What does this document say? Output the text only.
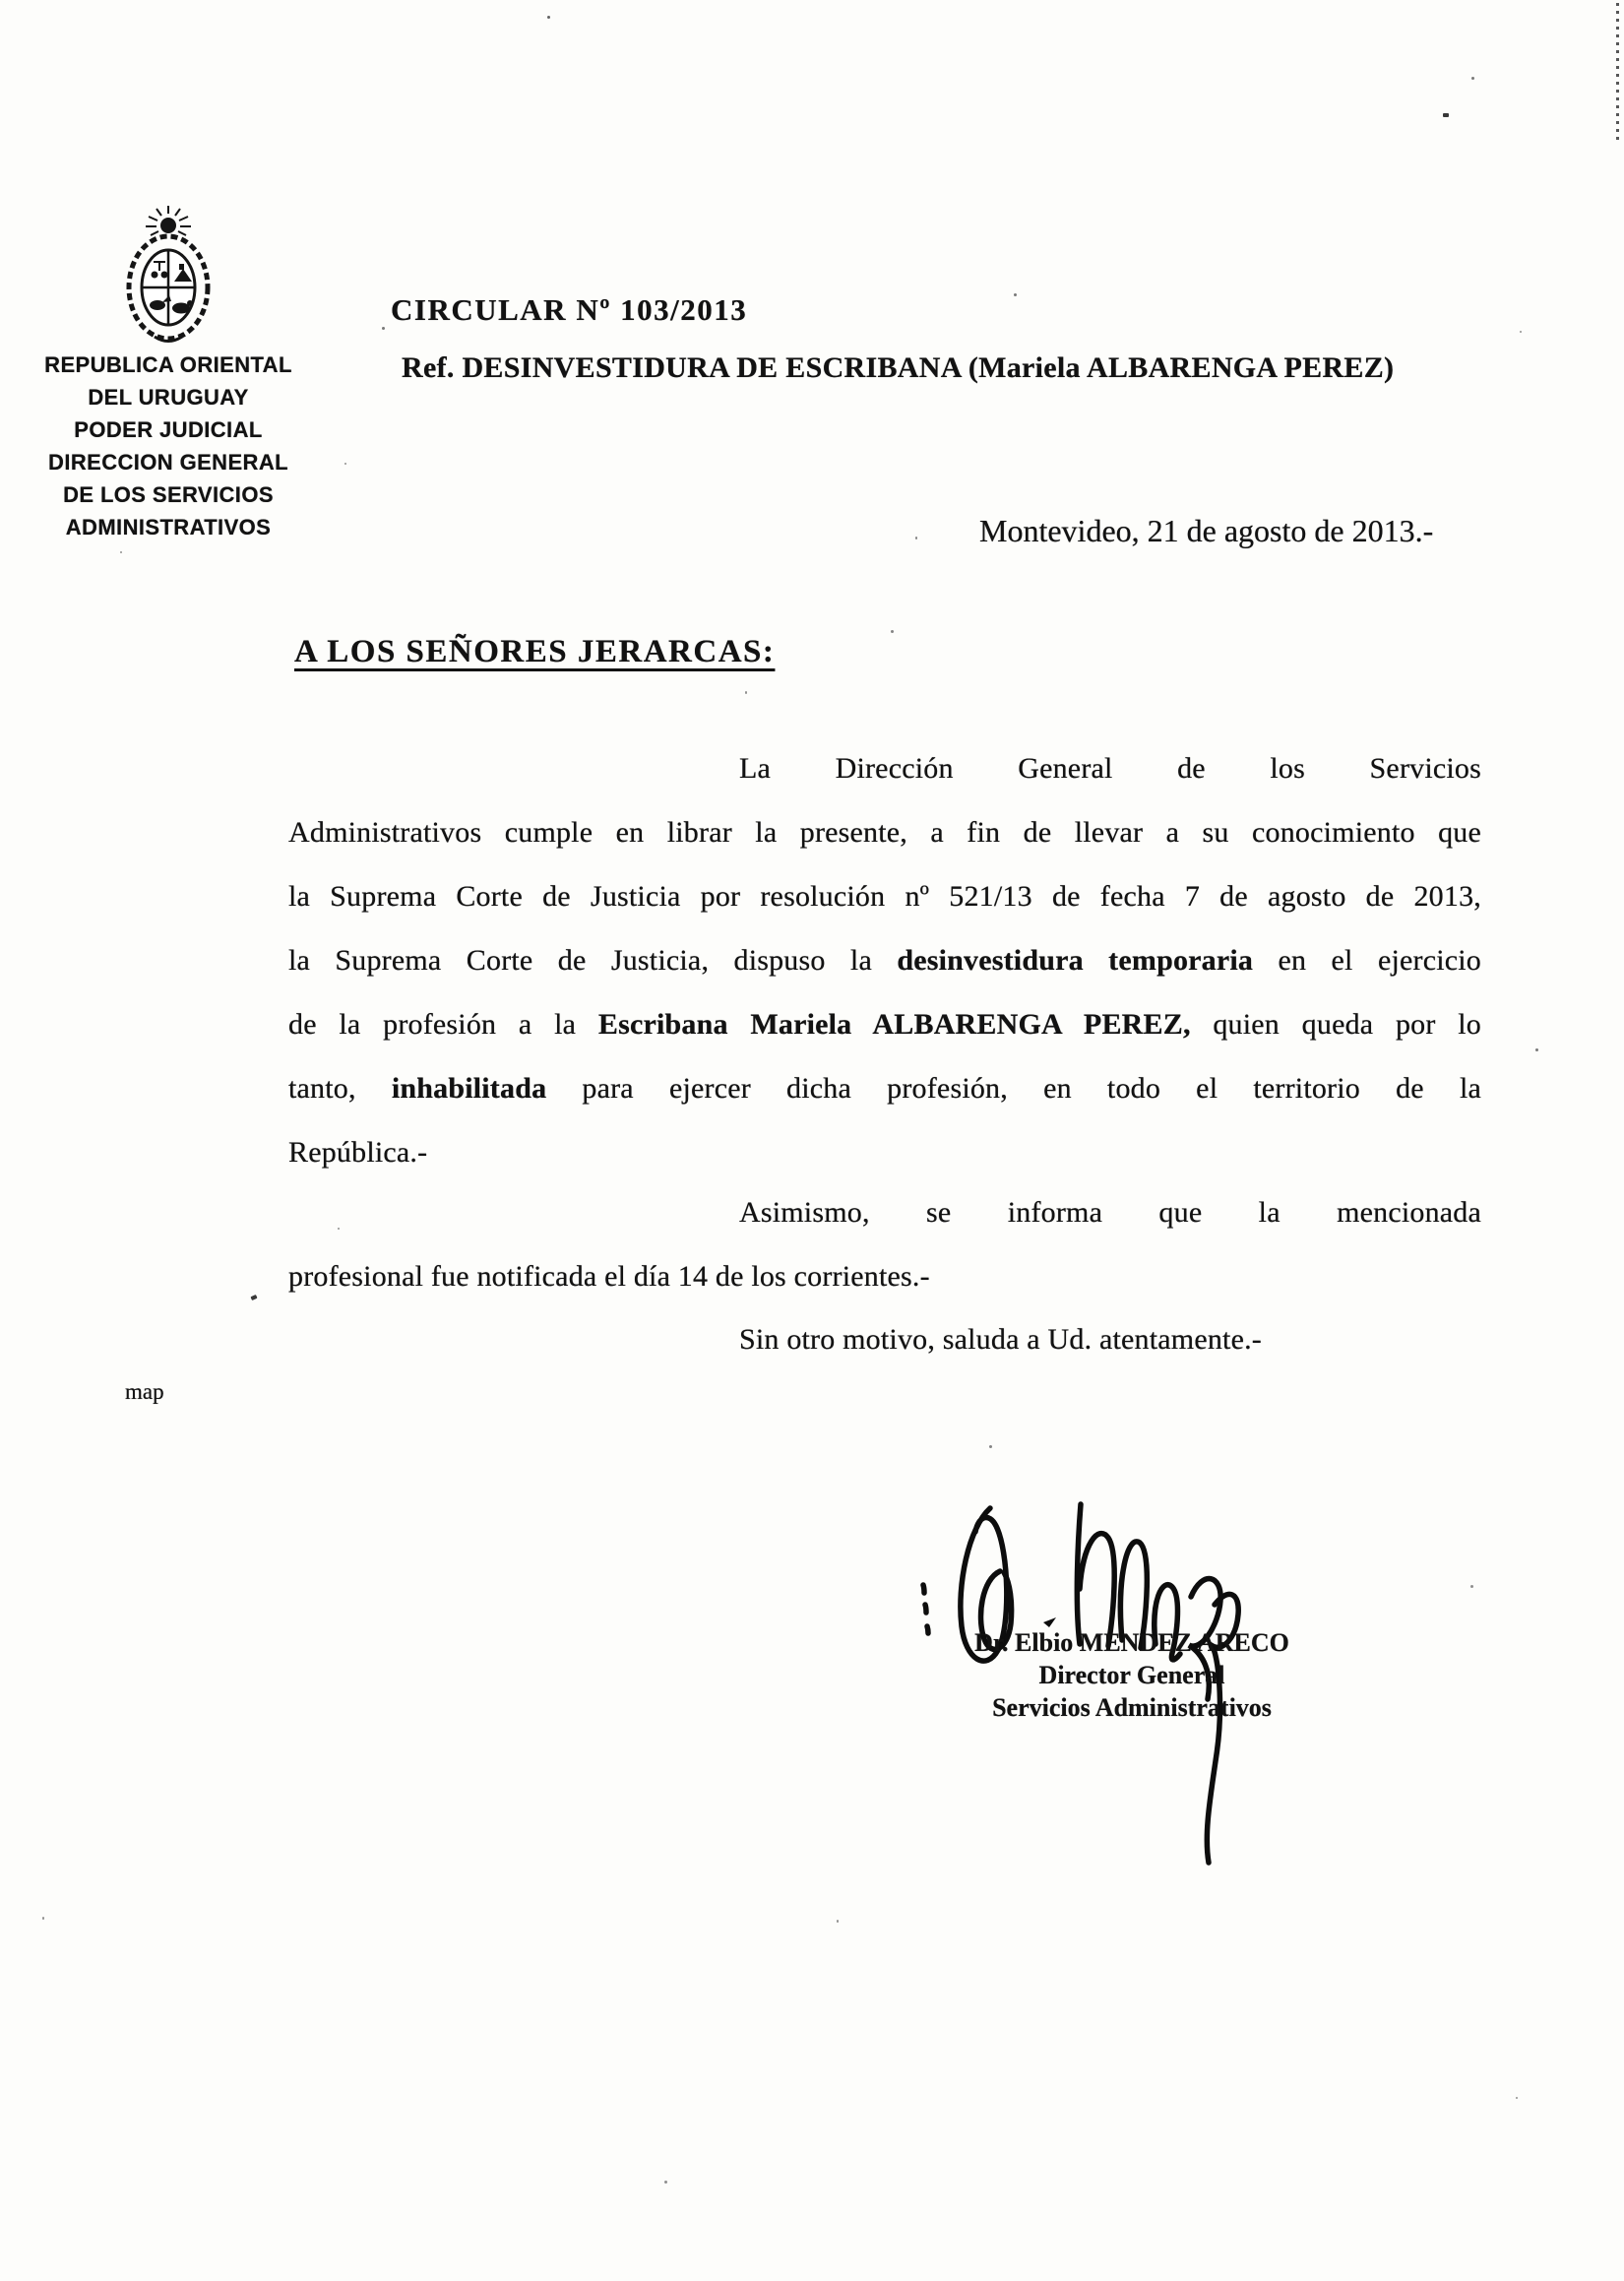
REPUBLICA ORIENTAL
DEL URUGUAY
PODER JUDICIAL
DIRECCION GENERAL
DE LOS SERVICIOS
ADMINISTRATIVOS
CIRCULAR Nº 103/2013
Ref. DESINVESTIDURA DE ESCRIBANA (Mariela ALBARENGA PEREZ)
Montevideo, 21 de agosto de 2013.-
A LOS SEÑORES JERARCAS:
La Dirección General de los Servicios
Administrativos cumple en librar la presente, a fin de llevar a su conocimiento que
la Suprema Corte de Justicia por resolución nº 521/13 de fecha 7 de agosto de 2013,
la Suprema Corte de Justicia, dispuso la desinvestidura temporaria en el ejercicio
de la profesión a la Escribana Mariela ALBARENGA PEREZ, quien queda por lo
tanto, inhabilitada para ejercer dicha profesión, en todo el territorio de la
República.-
Asimismo, se informa que la mencionada
profesional fue notificada el día 14 de los corrientes.-
Sin otro motivo, saluda a Ud. atentamente.-
map
Dr. Elbio MENDEZ ARECO
Director General
Servicios Administrativos
